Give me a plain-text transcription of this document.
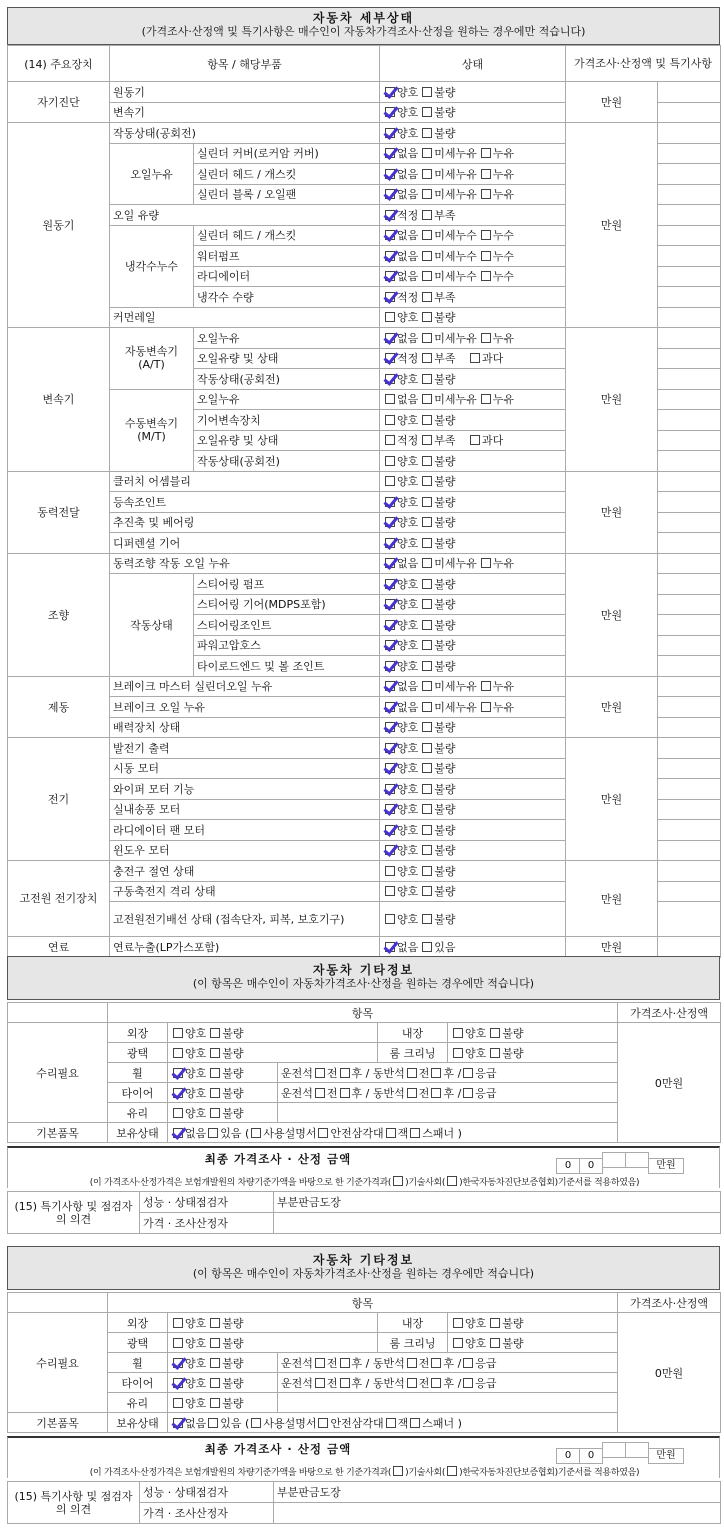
자동차 세부상태
(가격조사·산정액 및 특기사항은 매수인이 자동차가격조사·산정을 원하는 경우에만 적습니다)
(14) 주요장치	항목 / 해당부품		상태	가격조사·산정액 및 특기사항	
자기진단	원동기		양호 불량	만원	
	변속기		양호 불량		
원동기	작동상태(공회전)		양호 불량	만원	
	오일누유	실린더 커버(로커암 커버)	없음 미세누유 누유		
		실린더 헤드 / 개스킷	없음 미세누유 누유		
		실린더 블록 / 오일팬	없음 미세누유 누유		
	오일 유량		적정 부족		
	냉각수누수	실린더 헤드 / 개스킷	없음 미세누수 누수		
		워터펌프	없음 미세누수 누수		
		라디에이터	없음 미세누수 누수		
		냉각수 수량	적정 부족		
	커먼레일		양호 불량		
변속기	자동변속기 (A/T)	오일누유	없음 미세누유 누유	만원	
		오일유량 및 상태	적정 부족 과다		
		작동상태(공회전)	양호 불량		
	수동변속기 (M/T)	오일누유	없음 미세누유 누유		
		기어변속장치	양호 불량		
		오일유량 및 상태	적정 부족 과다		
		작동상태(공회전)	양호 불량		
동력전달	클러치 어셈블리		양호 불량	만원	
	등속조인트		양호 불량		
	추진축 및 베어링		양호 불량		
	디퍼렌셜 기어		양호 불량		
조향	동력조향 작동 오일 누유		없음 미세누유 누유	만원	
	작동상태	스티어링 펌프	양호 불량		
		스티어링 기어(MDPS포함)	양호 불량		
		스티어링조인트	양호 불량		
		파워고압호스	양호 불량		
		타이로드엔드 및 볼 조인트	양호 불량		
제동	브레이크 마스터 실린더오일 누유		없음 미세누유 누유	만원	
	브레이크 오일 누유		없음 미세누유 누유		
	배력장치 상태		양호 불량		
전기	발전기 출력		양호 불량	만원	
	시동 모터		양호 불량		
	와이퍼 모터 기능		양호 불량		
	실내송풍 모터		양호 불량		
	라디에이터 팬 모터		양호 불량		
	윈도우 모터		양호 불량		
고전원 전기장치	충전구 절연 상태		양호 불량	만원	
	구동축전지 격리 상태		양호 불량		
	고전원전기배선 상태 (접속단자, 피복, 보호기구)		양호 불량		
연료	연료누출(LP가스포함)		없음 있음	만원	
자동차 기타정보
(이 항목은 매수인이 자동차가격조사·산정을 원하는 경우에만 적습니다)
	항목					가격조사·산정액
수리필요	외장	양호 불량		내장	양호 불량	0만원
	광택	양호 불량		룸 크리닝	양호 불량	
	휠	양호 불량	운전석 전 후 / 동반석 전 후 / 응급			
	타이어	양호 불량	운전석 전 후 / 동반석 전 후 / 응급			
	유리	양호 불량				
기본품목	보유상태	없음 있음 ( 사용설명서 안전삼각대 잭 스패너 )				
최종 가격조사 · 산정 금액	0 0	만원
(이 가격조사·산정가격은 보험개발원의 차량기준가액을 바탕으로 한 기준가격과( )기술사회( )한국자동차진단보증협회)기준서를 적용하였음)
(15) 특기사항 및 점검자의 의견	성능 · 상태점검자	부분판금도장
	가격 · 조사산정자	
자동차 기타정보
(이 항목은 매수인이 자동차가격조사·산정을 원하는 경우에만 적습니다)
	항목					가격조사·산정액
수리필요	외장	양호 불량		내장	양호 불량	0만원
	광택	양호 불량		룸 크리닝	양호 불량	
	휠	양호 불량	운전석 전 후 / 동반석 전 후 / 응급			
	타이어	양호 불량	운전석 전 후 / 동반석 전 후 / 응급			
	유리	양호 불량				
기본품목	보유상태	없음 있음 ( 사용설명서 안전삼각대 잭 스패너 )				
최종 가격조사 · 산정 금액	0 0	만원
(이 가격조사·산정가격은 보험개발원의 차량기준가액을 바탕으로 한 기준가격과( )기술사회( )한국자동차진단보증협회)기준서를 적용하였음)
(15) 특기사항 및 점검자의 의견	성능 · 상태점검자	부분판금도장
	가격 · 조사산정자	
